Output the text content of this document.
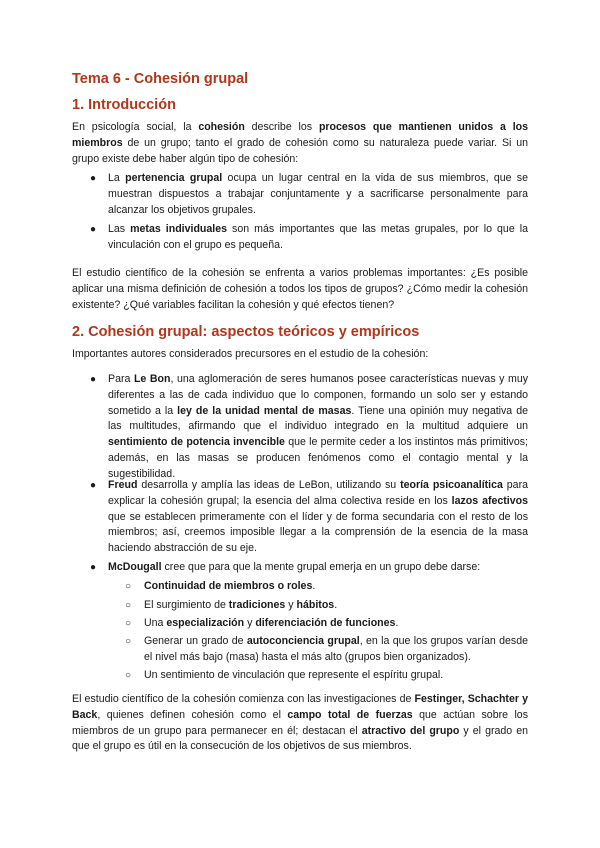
Tema 6 - Cohesión grupal
1. Introducción
En psicología social, la cohesión describe los procesos que mantienen unidos a los miembros de un grupo; tanto el grado de cohesión como su naturaleza puede variar. Si un grupo existe debe haber algún tipo de cohesión:
●	La pertenencia grupal ocupa un lugar central en la vida de sus miembros, que se muestran dispuestos a trabajar conjuntamente y a sacrificarse personalmente para alcanzar los objetivos grupales.
●	Las metas individuales son más importantes que las metas grupales, por lo que la vinculación con el grupo es pequeña.
El estudio científico de la cohesión se enfrenta a varios problemas importantes: ¿Es posible aplicar una misma definición de cohesión a todos los tipos de grupos? ¿Cómo medir la cohesión existente? ¿Qué variables facilitan la cohesión y qué efectos tienen?
2. Cohesión grupal: aspectos teóricos y empíricos
Importantes autores considerados precursores en el estudio de la cohesión:
●	Para Le Bon, una aglomeración de seres humanos posee características nuevas y muy diferentes a las de cada individuo que lo componen, formando un solo ser y estando sometido a la ley de la unidad mental de masas. Tiene una opinión muy negativa de las multitudes, afirmando que el individuo integrado en la multitud adquiere un sentimiento de potencia invencible que le permite ceder a los instintos más primitivos; además, en las masas se producen fenómenos como el contagio mental y la sugestibilidad.
●	Freud desarrolla y amplía las ideas de LeBon, utilizando su teoría psicoanalítica para explicar la cohesión grupal; la esencia del alma colectiva reside en los lazos afectivos que se establecen primeramente con el líder y de forma secundaria con el resto de los miembros; así, creemos imposible llegar a la comprensión de la esencia de la masa haciendo abstracción de su eje.
●	McDougall cree que para que la mente grupal emerja en un grupo debe darse:
○	Continuidad de miembros o roles.
○	El surgimiento de tradiciones y hábitos.
○	Una especialización y diferenciación de funciones.
○	Generar un grado de autoconciencia grupal, en la que los grupos varían desde el nivel más bajo (masa) hasta el más alto (grupos bien organizados).
○	Un sentimiento de vinculación que represente el espíritu grupal.
El estudio científico de la cohesión comienza con las investigaciones de Festinger, Schachter y Back, quienes definen cohesión como el campo total de fuerzas que actúan sobre los miembros de un grupo para permanecer en él; destacan el atractivo del grupo y el grado en que el grupo es útil en la consecución de los objetivos de sus miembros.
